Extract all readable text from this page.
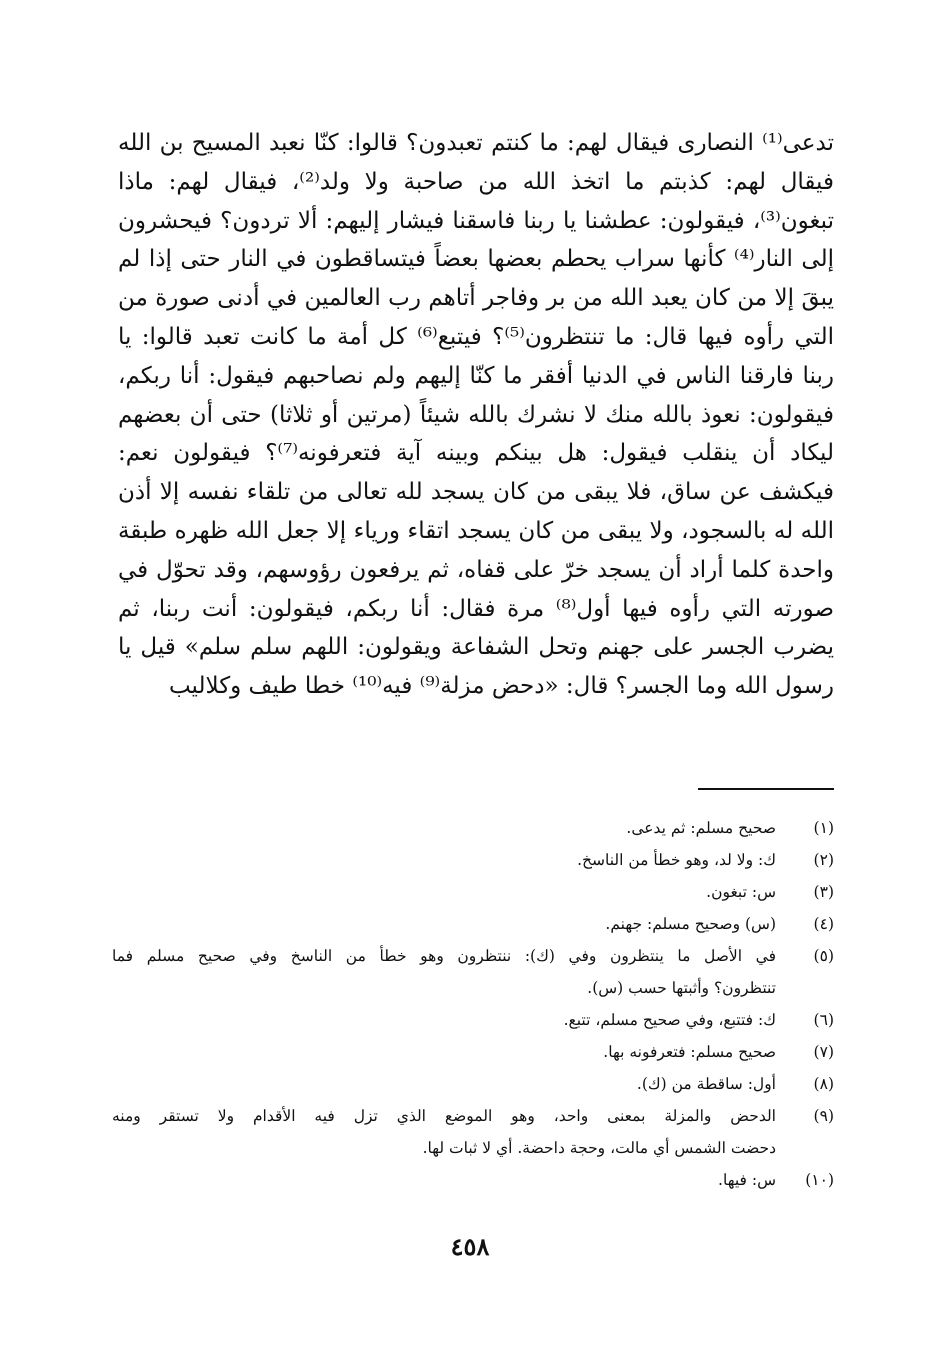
تدعى⁽¹⁾ النصارى فيقال لهم: ما كنتم تعبدون؟ قالوا: كنّا نعبد المسيح بن الله
فيقال لهم: كذبتم ما اتخذ الله من صاحبة ولا ولد⁽²⁾، فيقال لهم: ماذا
تبغون⁽³⁾، فيقولون: عطشنا يا ربنا فاسقنا فيشار إليهم: ألا تردون؟ فيحشرون
إلى النار⁽⁴⁾ كأنها سراب يحطم بعضها بعضاً فيتساقطون في النار حتى إذا لم
يبقَ إلا من كان يعبد الله من بر وفاجر أتاهم رب العالمين في أدنى صورة من
التي رأوه فيها قال: ما تنتظرون⁽⁵⁾؟ فيتبع⁽⁶⁾ كل أمة ما كانت تعبد قالوا: يا
ربنا فارقنا الناس في الدنيا أفقر ما كنّا إليهم ولم نصاحبهم فيقول: أنا ربكم،
فيقولون: نعوذ بالله منك لا نشرك بالله شيئاً (مرتين أو ثلاثا) حتى أن بعضهم
ليكاد أن ينقلب فيقول: هل بينكم وبينه آية فتعرفونه⁽⁷⁾؟ فيقولون نعم:
فيكشف عن ساق، فلا يبقى من كان يسجد لله تعالى من تلقاء نفسه إلا أذن
الله له بالسجود، ولا يبقى من كان يسجد اتقاء ورياء إلا جعل الله ظهره طبقة
واحدة كلما أراد أن يسجد خرّ على قفاه، ثم يرفعون رؤوسهم، وقد تحوّل في
صورته التي رأوه فيها أول⁽⁸⁾ مرة فقال: أنا ربكم، فيقولون: أنت ربنا، ثم
يضرب الجسر على جهنم وتحل الشفاعة ويقولون: اللهم سلم سلم» قيل يا
رسول الله وما الجسر؟ قال: «دحض مزلة⁽⁹⁾ فيه⁽¹⁰⁾ خطا طيف وكلاليب
(١)
صحيح مسلم: ثم يدعى.
(٢)
ك: ولا لد، وهو خطأ من الناسخ.
(٣)
س: تبغون.
(٤)
(س) وصحيح مسلم: جهنم.
(٥)
في الأصل ما ينتظرون وفي (ك): ننتظرون وهو خطأ من الناسخ وفي صحيح مسلم فما
تنتظرون؟ وأثبتها حسب (س).
(٦)
ك: فتتبع، وفي صحيح مسلم، تتبع.
(٧)
صحيح مسلم: فتعرفونه بها.
(٨)
أول: ساقطة من (ك).
(٩)
الدحض والمزلة بمعنى واحد، وهو الموضع الذي تزل فيه الأقدام ولا تستقر ومنه
دحضت الشمس أي مالت، وحجة داحضة. أي لا ثبات لها.
(١٠)
س: فيها.
٤٥٨
